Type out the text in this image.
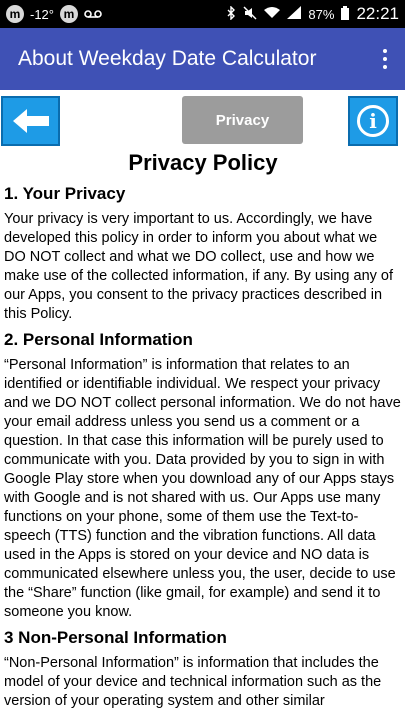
m -12° m	87% 22:21
About Weekday Date Calculator
Privacy	i
Privacy Policy
1. Your Privacy

Your privacy is very important to us. Accordingly, we have developed this policy in order to inform you about what we DO NOT collect and what we DO collect, use and how we make use of the collected information, if any. By using any of our Apps, you consent to the privacy practices described in this Policy.

2. Personal Information

“Personal Information” is information that relates to an identified or identifiable individual. We respect your privacy and we DO NOT collect personal information. We do not have your email address unless you send us a comment or a question. In that case this information will be purely used to communicate with you. Data provided by you to sign in with Google Play store when you download any of our Apps stays with Google and is not shared with us. Our Apps use many functions on your phone, some of them use the Text-to-speech (TTS) function and the vibration functions. All data used in the Apps is stored on your device and NO data is communicated elsewhere unless you, the user, decide to use the “Share” function (like gmail, for example) and send it to someone you know.

3 Non-Personal Information

“Non-Personal Information” is information that includes the model of your device and technical information such as the version of your operating system and other similar
